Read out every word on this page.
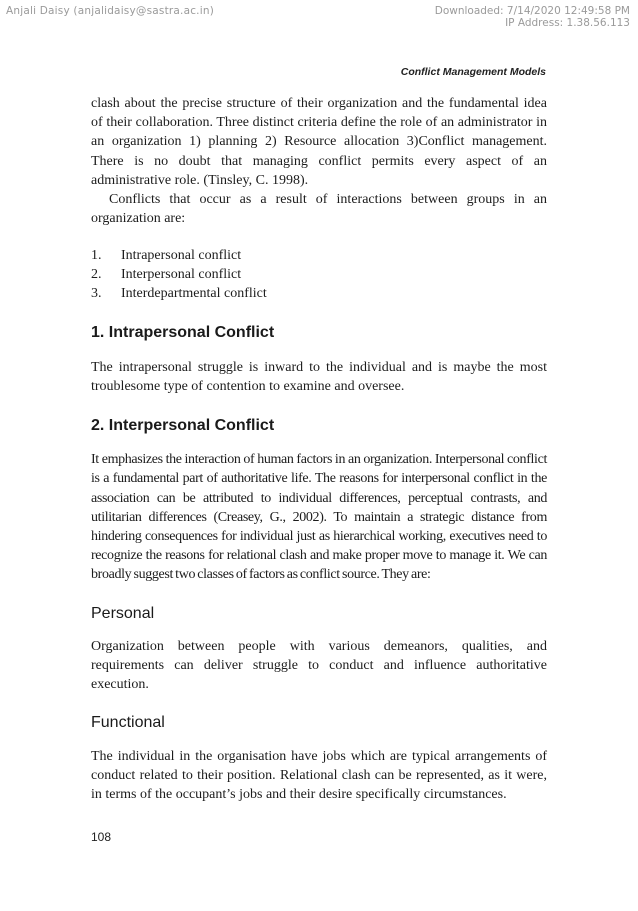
Anjali Daisy (anjalidaisy@sastra.ac.in)	Downloaded: 7/14/2020 12:49:58 PM
IP Address: 1.38.56.113
Conflict Management Models

clash about the precise structure of their organization and the fundamental idea of their collaboration. Three distinct criteria define the role of an administrator in an organization 1) planning 2) Resource allocation 3)Conflict management. There is no doubt that managing conflict permits every aspect of an administrative role. (Tinsley, C. 1998).

Conflicts that occur as a result of interactions between groups in an organization are:

1.	Intrapersonal conflict
2.	Interpersonal conflict
3.	Interdepartmental conflict
1. Intrapersonal Conflict

The intrapersonal struggle is inward to the individual and is maybe the most troublesome type of contention to examine and oversee.

2. Interpersonal Conflict

It emphasizes the interaction of human factors in an organization. Interpersonal conflict is a fundamental part of authoritative life. The reasons for interpersonal conflict in the association can be attributed to individual differences, perceptual contrasts, and utilitarian differences (Creasey, G., 2002). To maintain a strategic distance from hindering consequences for individual just as hierarchical working, executives need to recognize the reasons for relational clash and make proper move to manage it. We can broadly suggest two classes of factors as conflict source. They are:

Personal

Organization between people with various demeanors, qualities, and requirements can deliver struggle to conduct and influence authoritative execution.

Functional

The individual in the organisation have jobs which are typical arrangements of conduct related to their position. Relational clash can be represented, as it were, in terms of the occupant’s jobs and their desire specifically circumstances.

108
